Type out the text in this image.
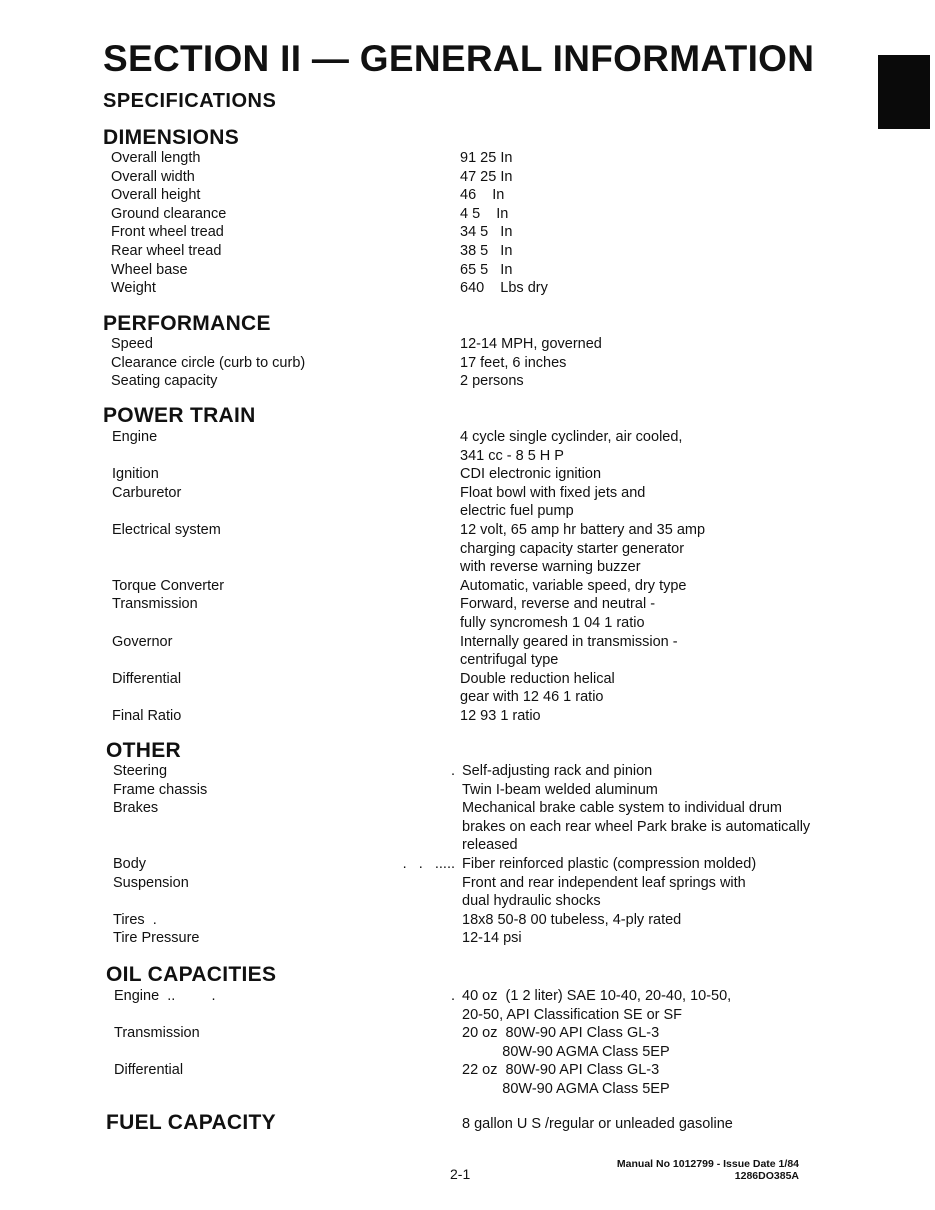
SECTION II — GENERAL INFORMATION
SPECIFICATIONS
DIMENSIONS
Overall length	91 25 In
Overall width	47 25 In
Overall height	46    In
Ground clearance	4 5    In
Front wheel tread	34 5   In
Rear wheel tread	38 5   In
Wheel base	65 5   In
Weight	640    Lbs dry
PERFORMANCE
Speed	12-14 MPH, governed
Clearance circle (curb to curb)	17 feet, 6 inches
Seating capacity	2 persons
POWER TRAIN
Engine	4 cycle single cyclinder, air cooled,
341 cc - 8 5 H P
Ignition	CDI electronic ignition
Carburetor	Float bowl with fixed jets and
electric fuel pump
Electrical system	12 volt, 65 amp hr battery and 35 amp
charging capacity starter generator
with reverse warning buzzer
Torque Converter	Automatic, variable speed, dry type
Transmission	Forward, reverse and neutral -
fully syncromesh 1 04 1 ratio
Governor	Internally geared in transmission -
centrifugal type
Differential	Double reduction helical
gear with 12 46 1 ratio
Final Ratio	12 93 1 ratio
OTHER
Steering	. Self-adjusting rack and pinion
Frame chassis	Twin I-beam welded aluminum
Brakes	Mechanical brake cable system to individual drum
brakes on each rear wheel Park brake is automatically
released
Body	.   .   ..... Fiber reinforced plastic (compression molded)
Suspension	Front and rear independent leaf springs with
dual hydraulic shocks
Tires  .	18x8 50-8 00 tubeless, 4-ply rated
Tire Pressure	12-14 psi
OIL CAPACITIES
Engine  ..         .	. 40 oz  (1 2 liter) SAE 10-40, 20-40, 10-50,
20-50, API Classification SE or SF
Transmission	20 oz  80W-90 API Class GL-3
80W-90 AGMA Class 5EP
Differential	22 oz  80W-90 API Class GL-3
80W-90 AGMA Class 5EP
FUEL CAPACITY	8 gallon U S /regular or unleaded gasoline
2-1
Manual No 1012799 - Issue Date 1/84
1286DO385A
